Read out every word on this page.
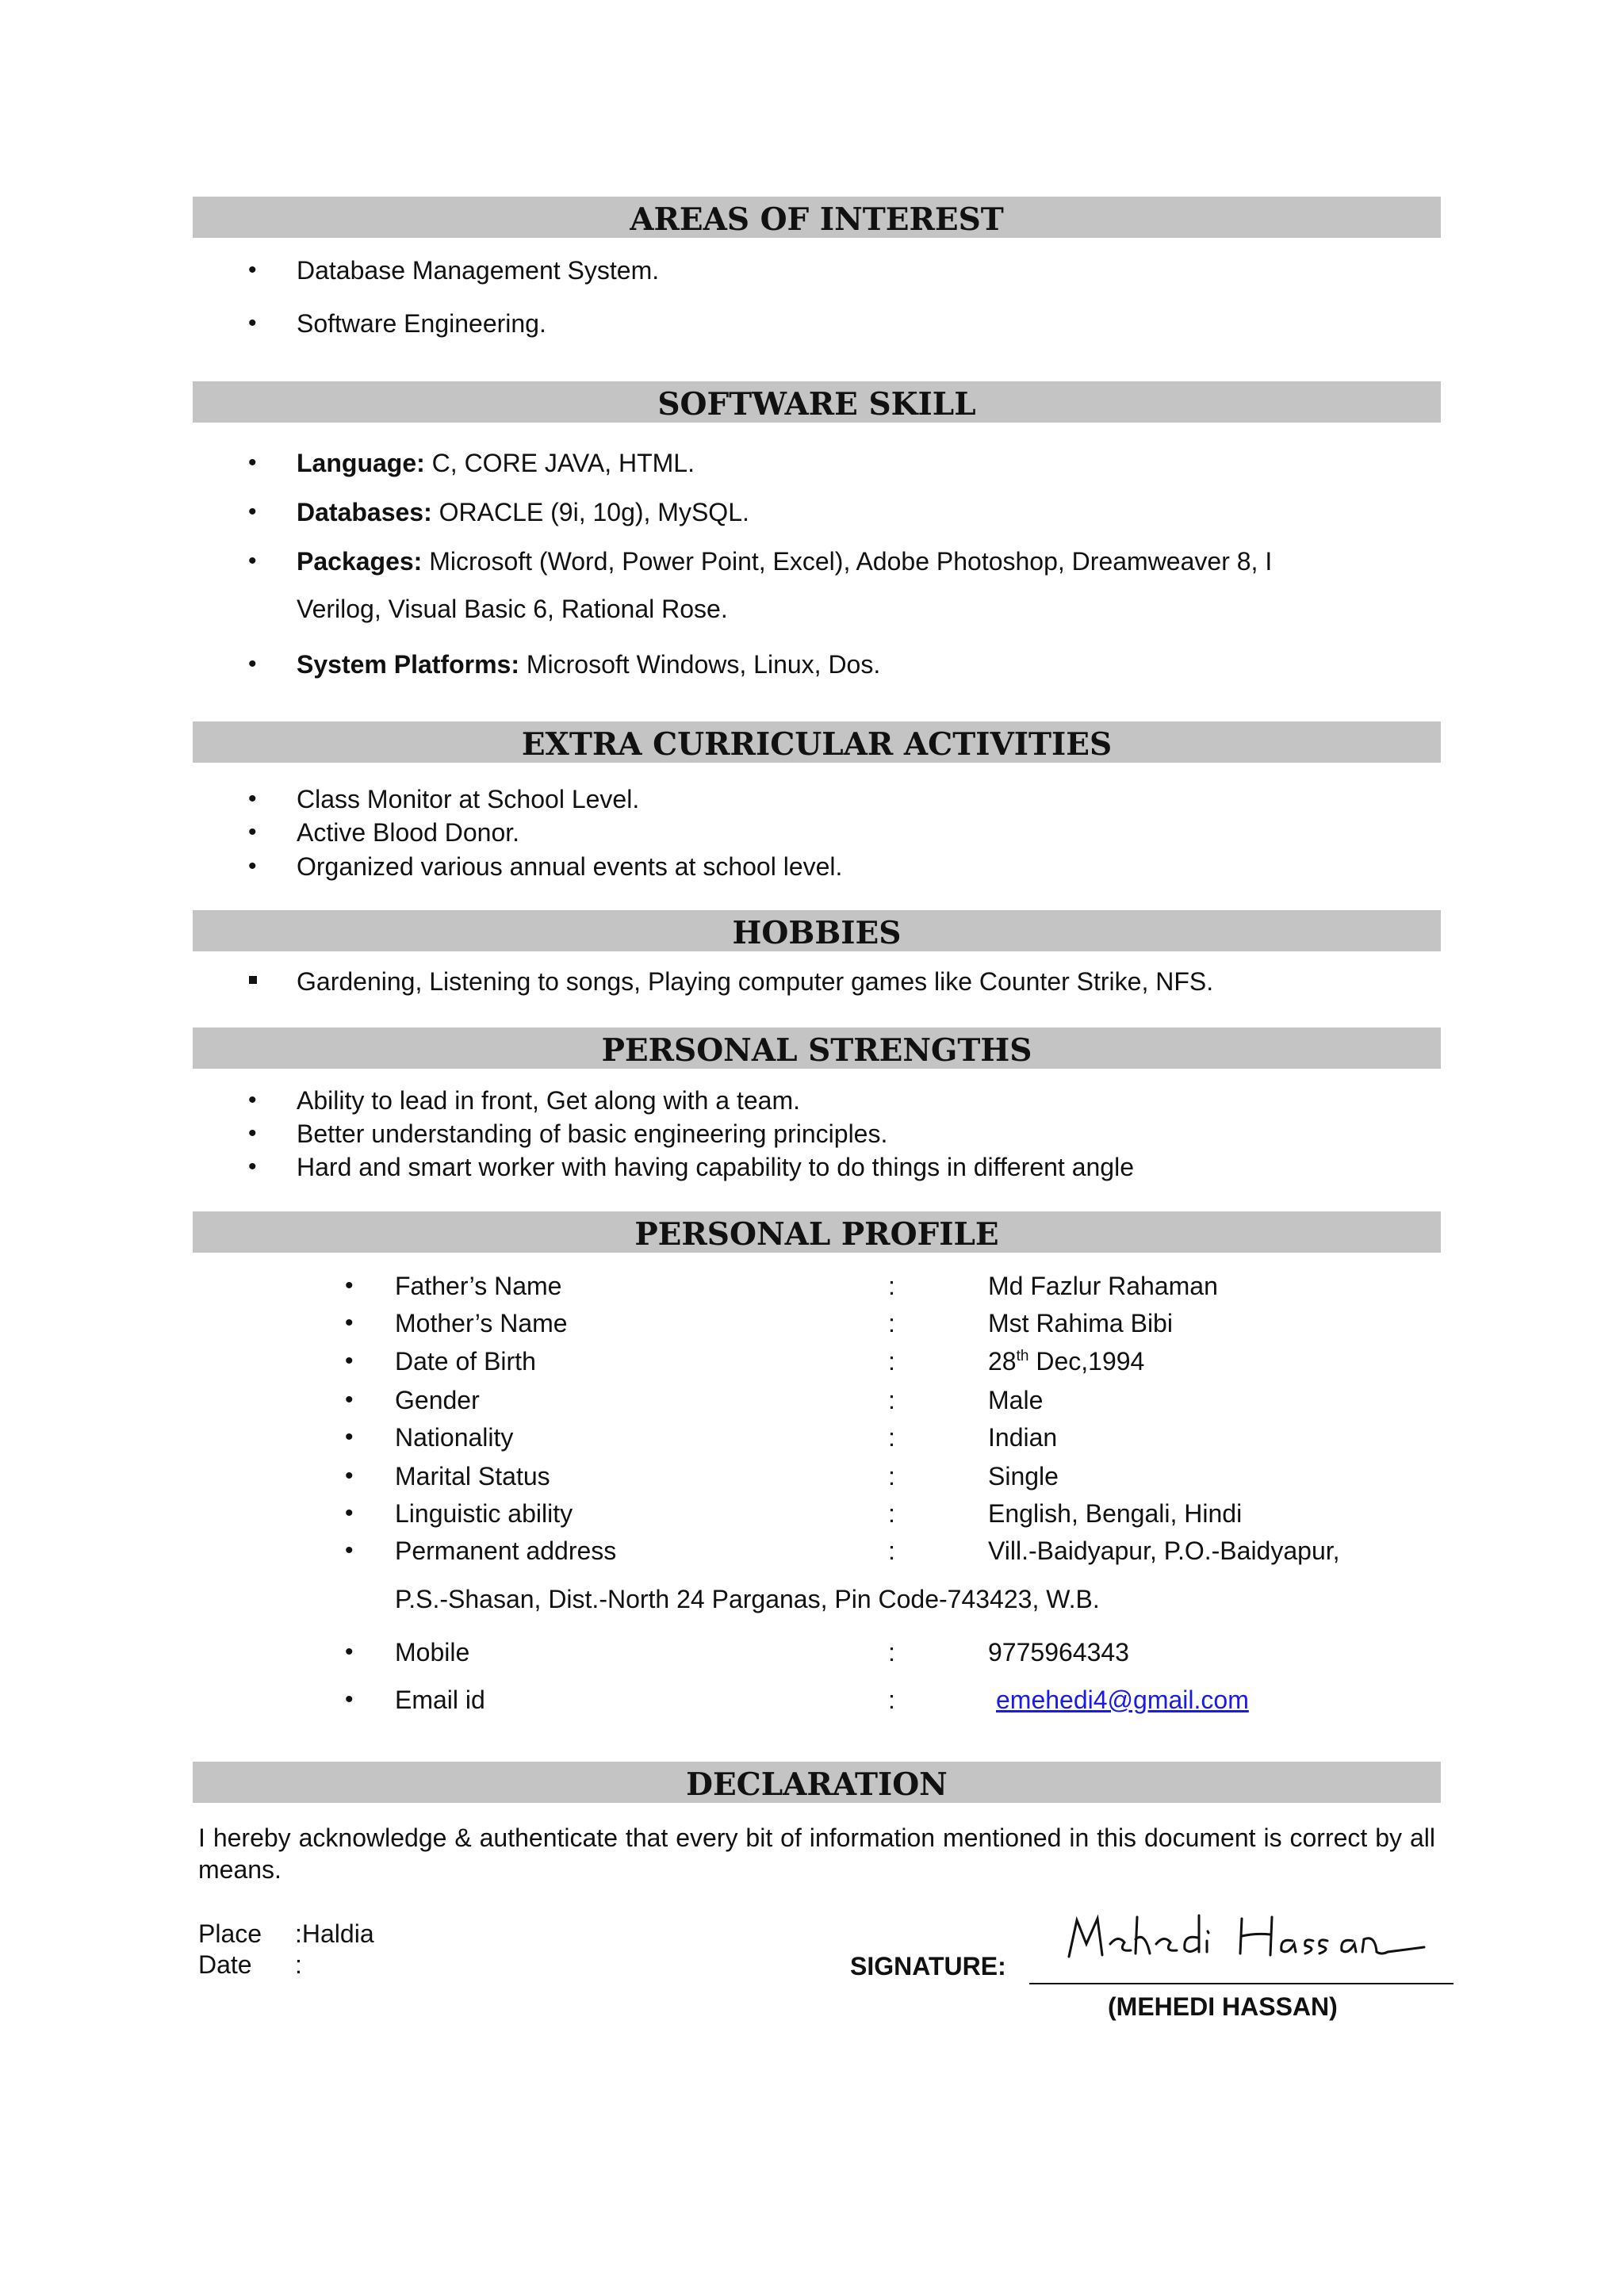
AREAS OF INTEREST
• Database Management System.
• Software Engineering.
SOFTWARE SKILL
• Language: C, CORE JAVA, HTML.
• Databases: ORACLE (9i, 10g), MySQL.
• Packages: Microsoft (Word, Power Point, Excel), Adobe Photoshop, Dreamweaver 8, I
Verilog, Visual Basic 6, Rational Rose.
• System Platforms: Microsoft Windows, Linux, Dos.
EXTRA CURRICULAR ACTIVITIES
• Class Monitor at School Level.
• Active Blood Donor.
• Organized various annual events at school level.
HOBBIES
Gardening, Listening to songs, Playing computer games like Counter Strike, NFS.
PERSONAL STRENGTHS
• Ability to lead in front, Get along with a team.
• Better understanding of basic engineering principles.
• Hard and smart worker with having capability to do things in different angle
PERSONAL PROFILE
• Father’s Name	:	Md Fazlur Rahaman
• Mother’s Name	:	Mst Rahima Bibi
• Date of Birth	:	28th Dec,1994
• Gender	:	Male
• Nationality	:	Indian
• Marital Status	:	Single
• Linguistic ability	:	English, Bengali, Hindi
• Permanent address	:	Vill.-Baidyapur, P.O.-Baidyapur,
P.S.-Shasan, Dist.-North 24 Parganas, Pin Code-743423, W.B.
• Mobile	:	9775964343
• Email id	:	emehedi4@gmail.com
DECLARATION
I hereby acknowledge & authenticate that every bit of information mentioned in this document is correct by all means.
Place :Haldia
Date :	SIGNATURE:
(MEHEDI HASSAN)
